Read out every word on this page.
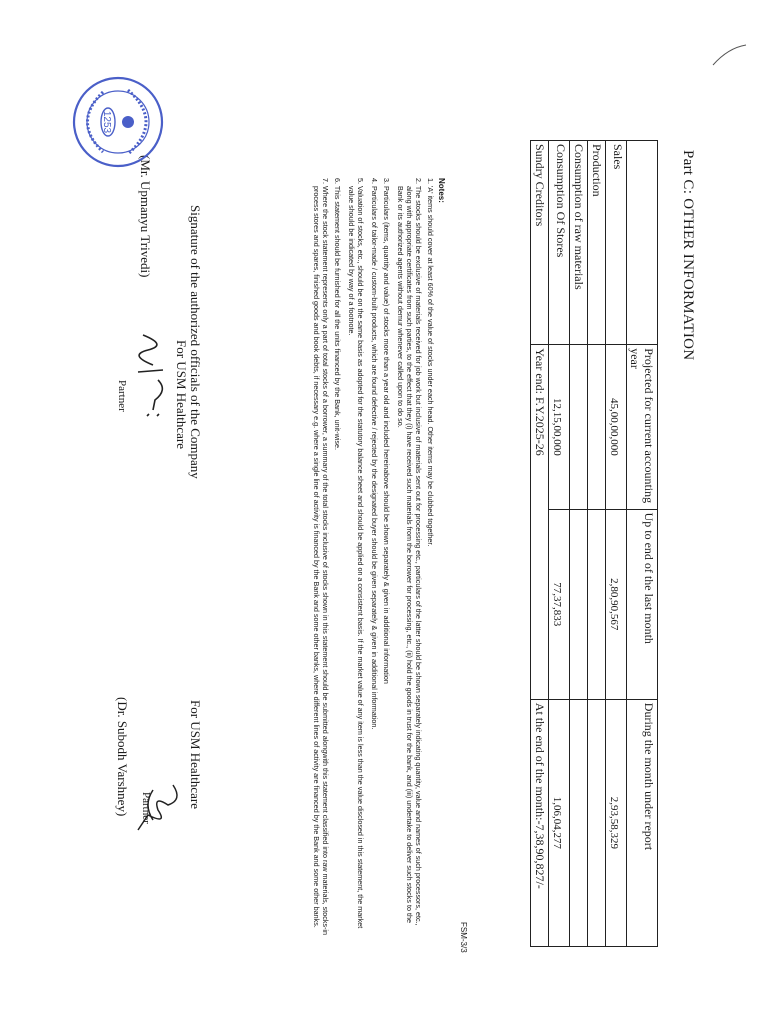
Part C: OTHER INFORMATION
FSM-3/3
	Projected for current accounting year	Up to end of the last month	During the month under report
Sales	45,00,00,000	2,80,90,567	2,93,58,329
Production			
Consumption of raw materials			
Consumption Of Stores	12,15,00,000	77,37,833	1,06,04,277
Sundry Creditors	Year end: F.Y.2025-26		At the end of the month:-7,38,90,827/-
Notes:

1. 'A' items should cover at least 60% of the value of stocks under each head. Other items may be clubbed together.

2. The stocks should be exclusive of materials received for job work but inclusive of materials sent out for processing etc., particulars of the latter should be shown separately indicating quantity, value and names of such processors, etc., along with appropriate certificates from such parties, to the effect that they (i) have received such materials from the borrower for processing, etc., (ii) hold the goods in trust for the bank, and (iii) undertake to deliver such stocks to the Bank or its authorized agents without demur whenever called upon to do so.

3. Particulars (items, quantity and value) of stocks more than a year old and included hereinabove should be shown separately & given in additional information

4. Particulars of tailor-made / custom-built products, which are found defective / rejected by the designated buyer should be given separately & given in additional information.

5. Valuation of stocks, etc., should be on the same basis as adopted for the statutory balance sheet and should be applied on a consistent basis. If the market value of any item is less than the value disclosed in this statement, the market value should be indicated by way of a footnote.

6. This statement should be furnished for all the units financed by the Bank, unit-wise.

7. Where the stock statement represents only a part of total stocks of a borrower, a summary of the total stocks inclusive of stocks shown in this statement should be submitted alongwith this statement classified into raw materials, stocks-in process stores and spares, finished goods and book debts, if necessary e.g. where a single line of activity is financed by the Bank and some other banks, where different lines of activity are financed by the Bank and some other banks.

Signature of the authorized officials of the Company
For USM Healthcare
Partner
(Mr. Upmanyu Trivedi)
For USM Healthcare
Partner
(Dr. Subodh Varshney)
1253
